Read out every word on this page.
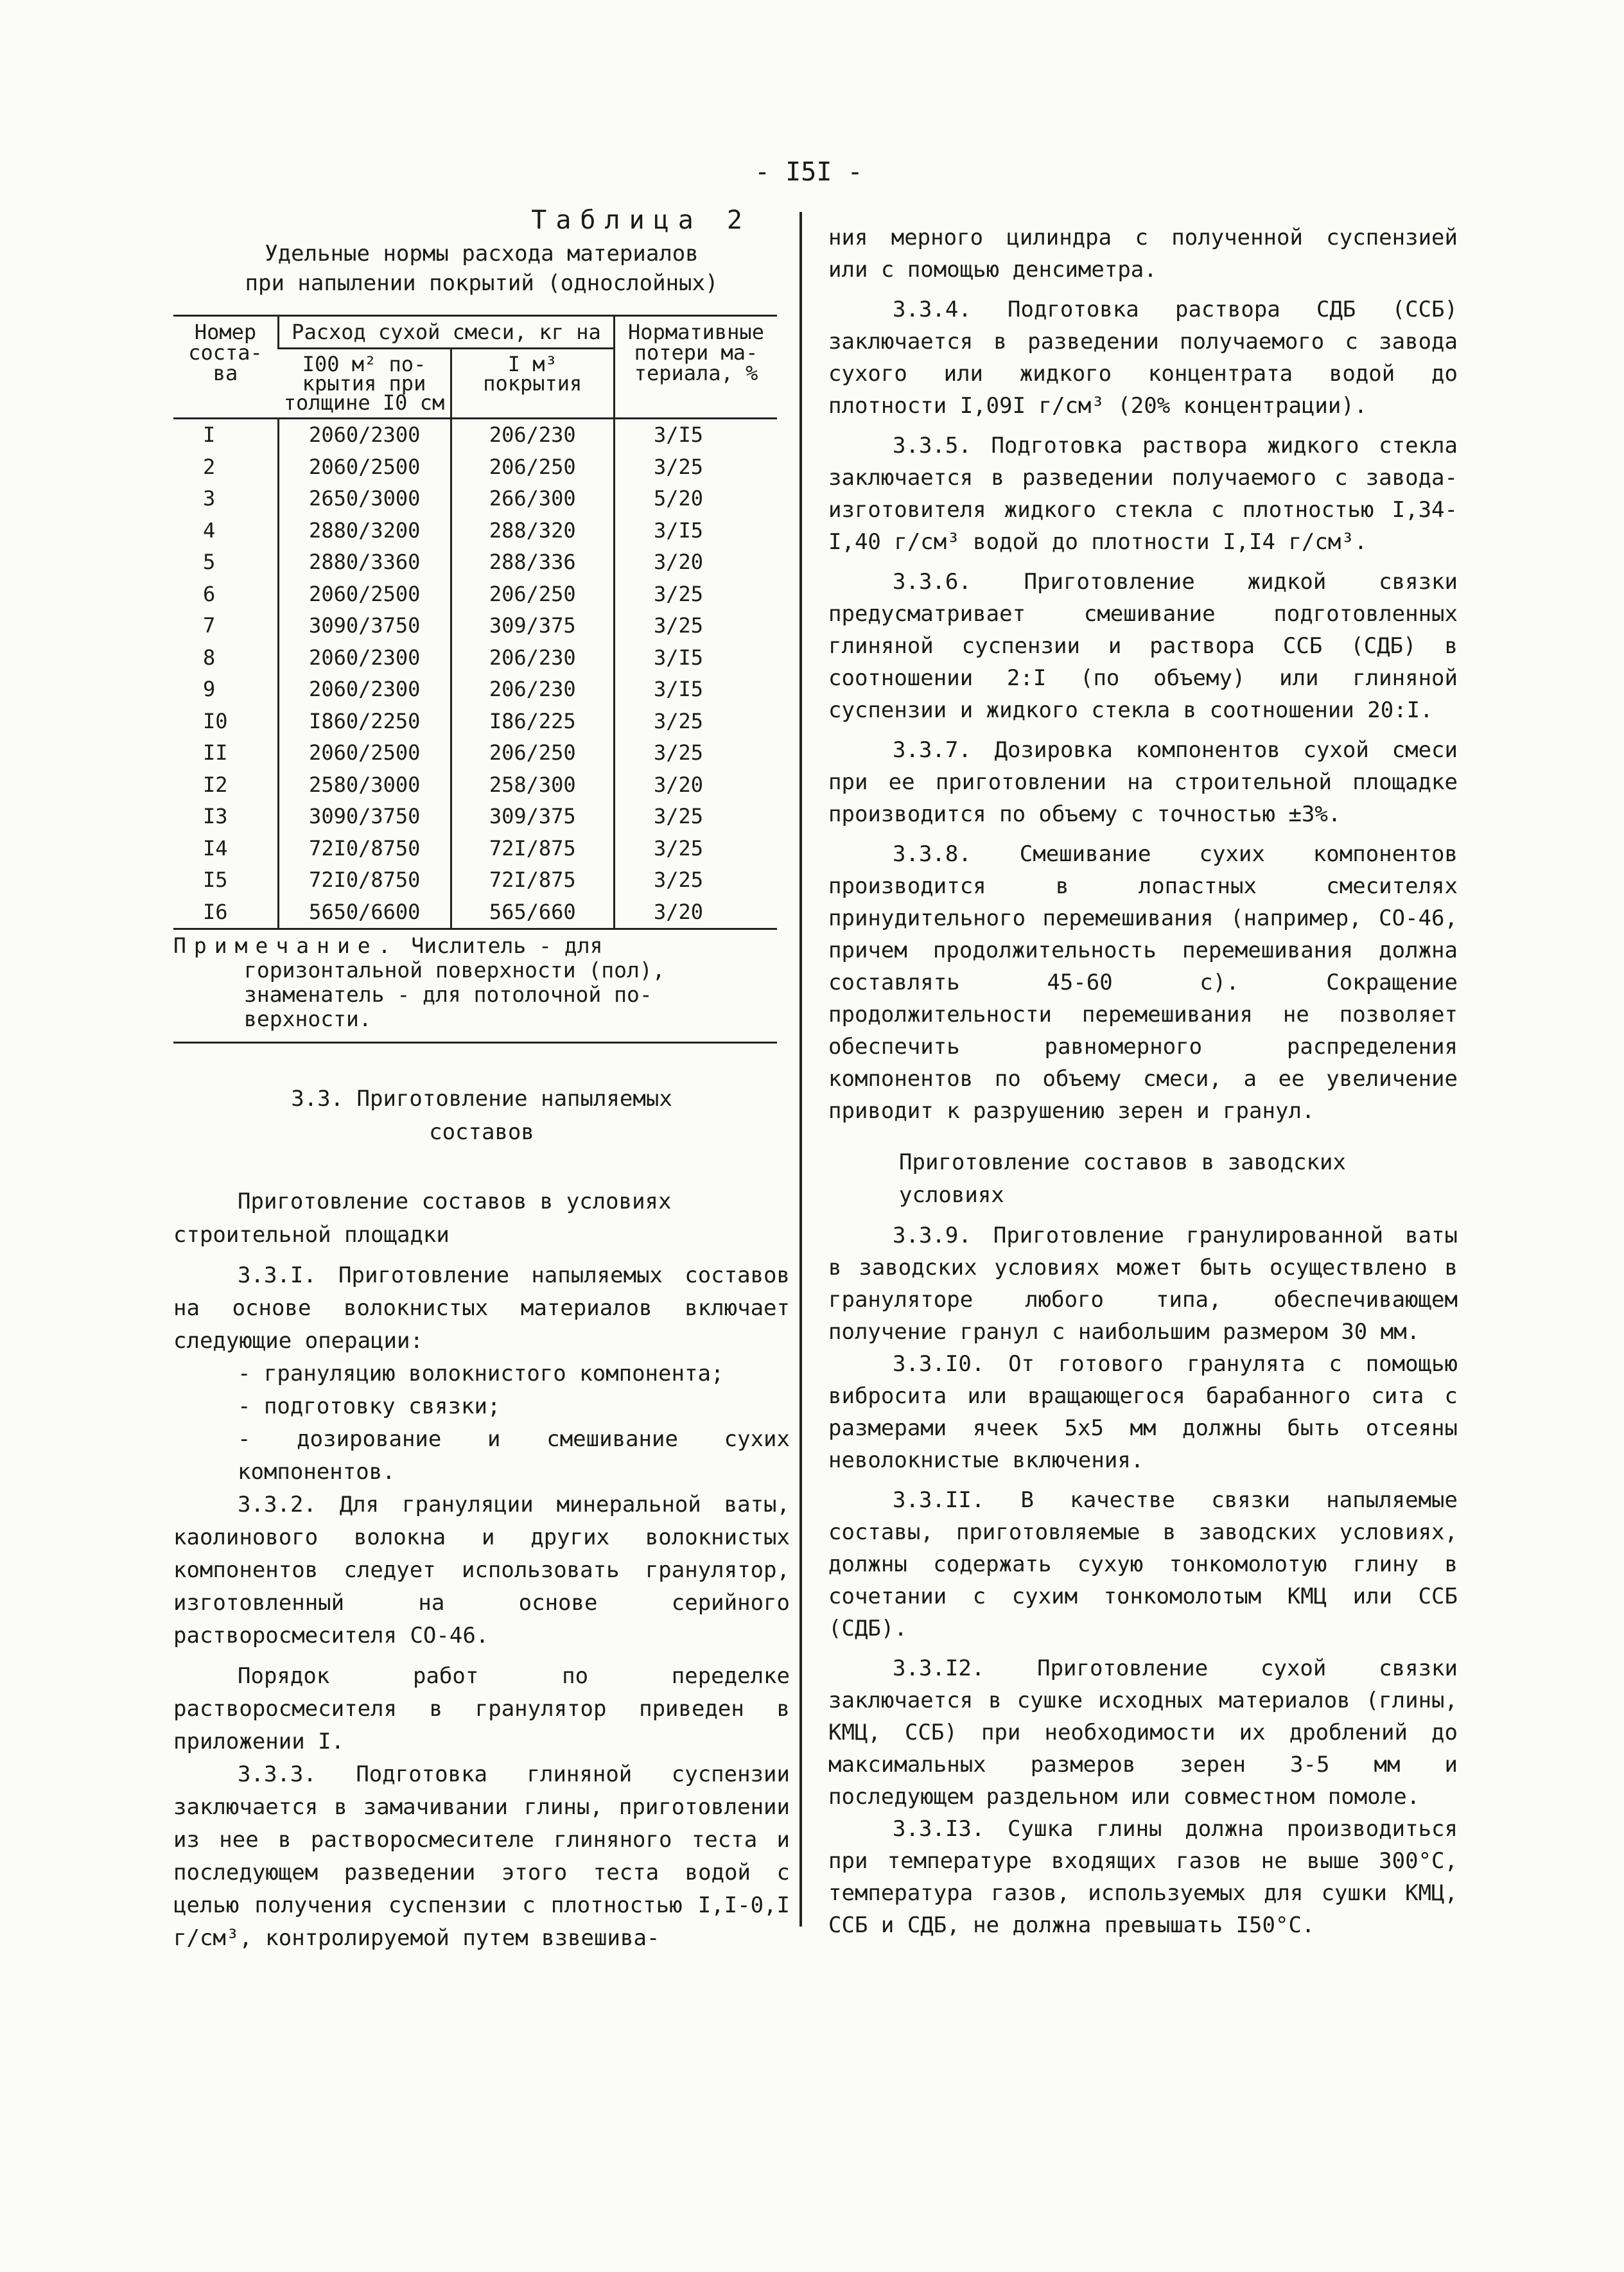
- I5I -
Таблица 2
Удельные нормы расхода материалов
при напылении покрытий (однослойных)
Номер соста-ва	Расход сухой смеси, кг на		Нормативные потери ма-териала, %
	I00 м² по-крытия при толщине I0 см	I м³ покрытия	
I	2060/2300	206/230	3/I5
2	2060/2500	206/250	3/25
3	2650/3000	266/300	5/20
4	2880/3200	288/320	3/I5
5	2880/3360	288/336	3/20
6	2060/2500	206/250	3/25
7	3090/3750	309/375	3/25
8	2060/2300	206/230	3/I5
9	2060/2300	206/230	3/I5
I0	I860/2250	I86/225	3/25
II	2060/2500	206/250	3/25
I2	2580/3000	258/300	3/20
I3	3090/3750	309/375	3/25
I4	72I0/8750	72I/875	3/25
I5	72I0/8750	72I/875	3/25
I6	5650/6600	565/660	3/20
Примечание. Числитель - для
горизонтальной поверхности (пол),
знаменатель - для потолочной по-
верхности.
3.3. Приготовление напыляемых
составов
Приготовление составов в условиях строительной площадки

3.3.I. Приготовление напыляемых составов на основе волокнистых материалов включает следующие операции:

- грануляцию волокнистого компонента;

- подготовку связки;

- дозирование и смешивание сухих компонентов.

3.3.2. Для грануляции минеральной ваты, каолинового волокна и других волокнистых компонентов следует использовать гранулятор, изготовленный на основе серийного растворосмесителя СО-46.

Порядок работ по переделке растворосмесителя в гранулятор приведен в приложении I.

3.3.3. Подготовка глиняной суспензии заключается в замачивании глины, приготовлении из нее в растворосмесителе глиняного теста и последующем разведении этого теста водой с целью получения суспензии с плотностью I,I-0,I г/см³, контролируемой путем взвешива-

ния мерного цилиндра с полученной суспензией или с помощью денсиметра.

3.3.4. Подготовка раствора СДБ (ССБ) заключается в разведении получаемого с завода сухого или жидкого концентрата водой до плотности I,09I г/см³ (20% концентрации).

3.3.5. Подготовка раствора жидкого стекла заключается в разведении получаемого с завода-изготовителя жидкого стекла с плотностью I,34-I,40 г/см³ водой до плотности I,I4 г/см³.

3.3.6. Приготовление жидкой связки предусматривает смешивание подготовленных глиняной суспензии и раствора ССБ (СДБ) в соотношении 2:I (по объему) или глиняной суспензии и жидкого стекла в соотношении 20:I.

3.3.7. Дозировка компонентов сухой смеси при ее приготовлении на строительной площадке производится по объему с точностью ±3%.

3.3.8. Смешивание сухих компонентов производится в лопастных смесителях принудительного перемешивания (например, СО-46, причем продолжительность перемешивания должна составлять 45-60 с). Сокращение продолжительности перемешивания не позволяет обеспечить равномерного распределения компонентов по объему смеси, а ее увеличение приводит к разрушению зерен и гранул.

Приготовление составов в заводских условиях

3.3.9. Приготовление гранулированной ваты в заводских условиях может быть осуществлено в грануляторе любого типа, обеспечивающем получение гранул с наибольшим размером 30 мм.

3.3.I0. От готового гранулята с помощью вибросита или вращающегося барабанного сита с размерами ячеек 5х5 мм должны быть отсеяны неволокнистые включения.

3.3.II. В качестве связки напыляемые составы, приготовляемые в заводских условиях, должны содержать сухую тонкомолотую глину в сочетании с сухим тонкомолотым КМЦ или ССБ (СДБ).

3.3.I2. Приготовление сухой связки заключается в сушке исходных материалов (глины, КМЦ, ССБ) при необходимости их дроблений до максимальных размеров зерен 3-5 мм и последующем раздельном или совместном помоле.

3.3.I3. Сушка глины должна производиться при температуре входящих газов не выше 300°С, температура газов, используемых для сушки КМЦ, ССБ и СДБ, не должна превышать I50°С.
